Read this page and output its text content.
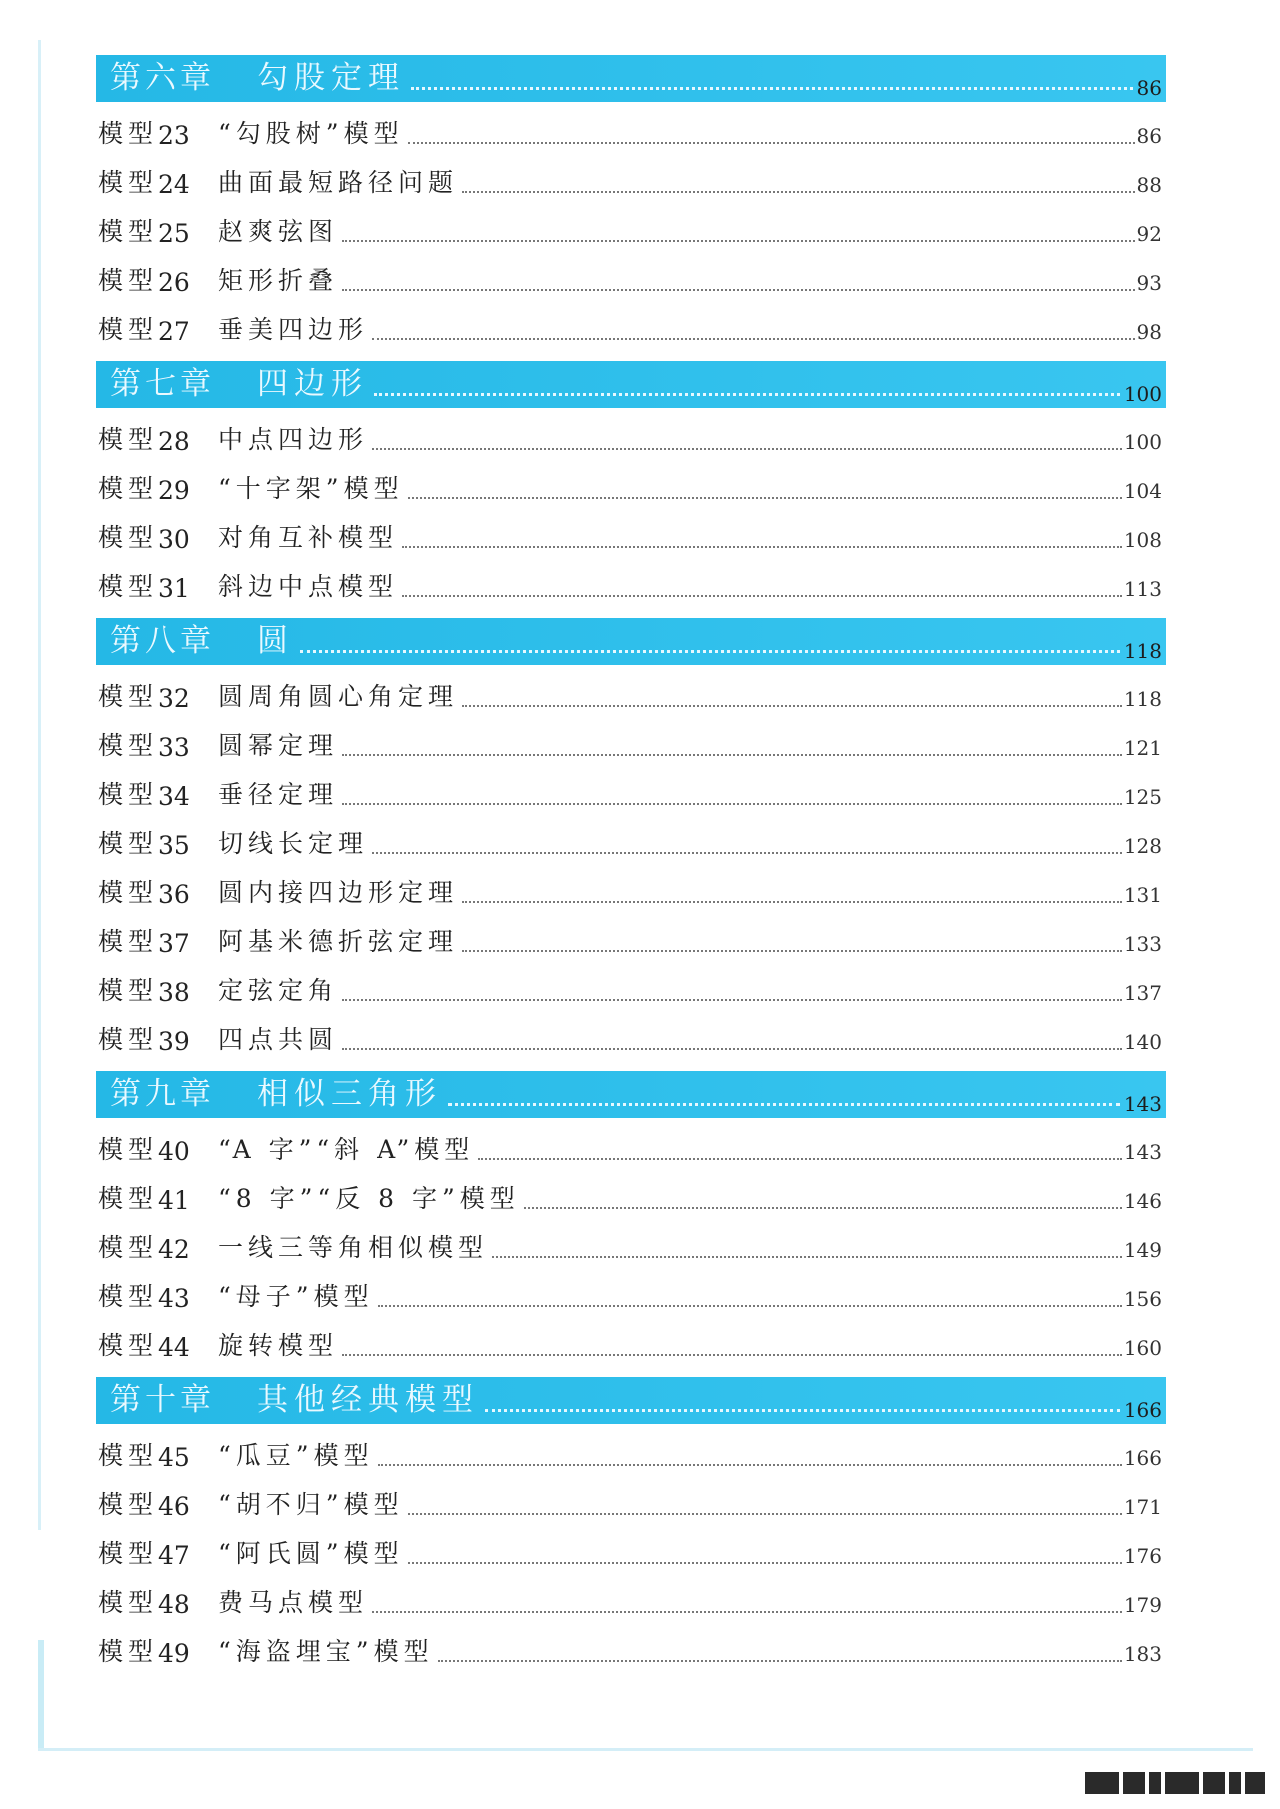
第六章 勾股定理	86
模型 23 “勾股树”模型	86
模型 24 曲面最短路径问题	88
模型 25 赵爽弦图	92
模型 26 矩形折叠	93
模型 27 垂美四边形	98
第七章 四边形	100
模型 28 中点四边形	100
模型 29 “十字架”模型	104
模型 30 对角互补模型	108
模型 31 斜边中点模型	113
第八章 圆	118
模型 32 圆周角圆心角定理	118
模型 33 圆幂定理	121
模型 34 垂径定理	125
模型 35 切线长定理	128
模型 36 圆内接四边形定理	131
模型 37 阿基米德折弦定理	133
模型 38 定弦定角	137
模型 39 四点共圆	140
第九章 相似三角形	143
模型 40 “A 字”“斜 A”模型	143
模型 41 “8 字”“反 8 字”模型	146
模型 42 一线三等角相似模型	149
模型 43 “母子”模型	156
模型 44 旋转模型	160
第十章 其他经典模型	166
模型 45 “瓜豆”模型	166
模型 46 “胡不归”模型	171
模型 47 “阿氏圆”模型	176
模型 48 费马点模型	179
模型 49 “海盗埋宝”模型	183
